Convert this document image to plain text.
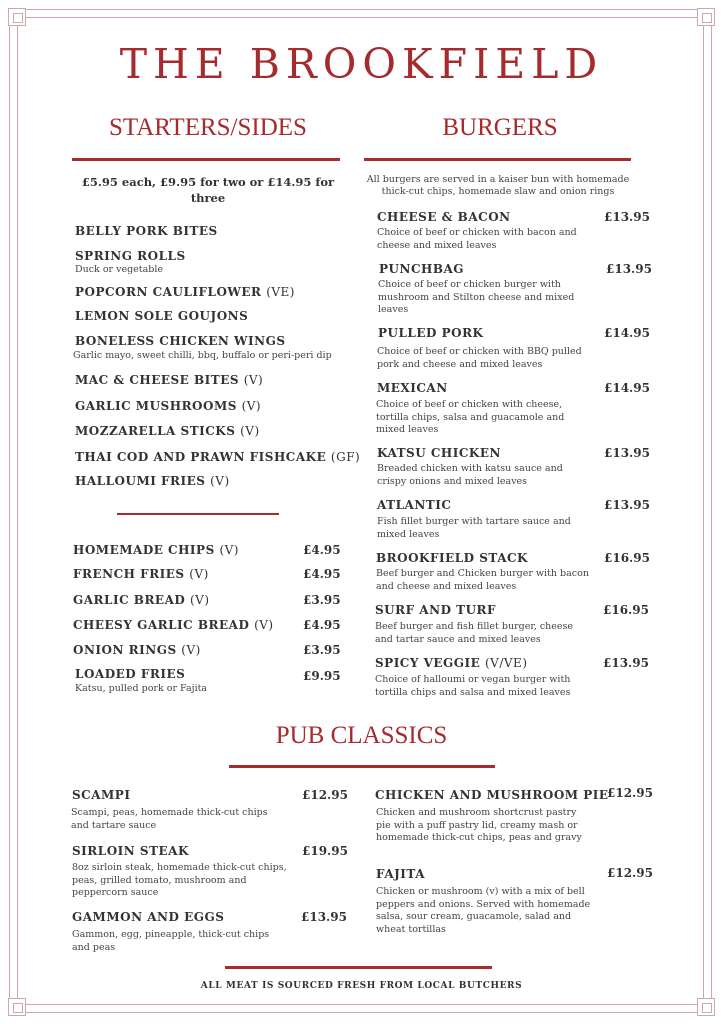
THE BROOKFIELD
STARTERS/SIDES
£5.95 each, £9.95 for two or £14.95 for three
BELLY PORK BITES
SPRING ROLLS
Duck or vegetable
POPCORN CAULIFLOWER (VE)
LEMON SOLE GOUJONS
BONELESS CHICKEN WINGS
Garlic mayo, sweet chilli, bbq, buffalo or peri-peri dip
MAC & CHEESE BITES (V)
GARLIC MUSHROOMS (V)
MOZZARELLA STICKS (V)
THAI COD AND PRAWN FISHCAKE (GF)
HALLOUMI FRIES (V)
HOMEMADE CHIPS (V)	£4.95
FRENCH FRIES (V)	£4.95
GARLIC BREAD (V)	£3.95
CHEESY GARLIC BREAD (V) £4.95
ONION RINGS (V)	£3.95
LOADED FRIES	£9.95
Katsu, pulled pork or Fajita
BURGERS
All burgers are served in a kaiser bun with homemade thick-cut chips, homemade slaw and onion rings
CHEESE & BACON	£13.95
Choice of beef or chicken with bacon and cheese and mixed leaves
PUNCHBAG	£13.95
Choice of beef or chicken burger with mushroom and Stilton cheese and mixed leaves
PULLED PORK	£14.95
Choice of beef or chicken with BBQ pulled pork and cheese and mixed leaves
MEXICAN	£14.95
Choice of beef or chicken with cheese, tortilla chips, salsa and guacamole and mixed leaves
KATSU CHICKEN	£13.95
Breaded chicken with katsu sauce and crispy onions and mixed leaves
ATLANTIC	£13.95
Fish fillet burger with tartare sauce and mixed leaves
BROOKFIELD STACK	£16.95
Beef burger and Chicken burger with bacon and cheese and mixed leaves
SURF AND TURF	£16.95
Beef burger and fish fillet burger, cheese and tartar sauce and mixed leaves
SPICY VEGGIE (V/VE)	£13.95
Choice of halloumi or vegan burger with tortilla chips and salsa and mixed leaves
PUB CLASSICS
SCAMPI	£12.95
Scampi, peas, homemade thick-cut chips and tartare sauce
SIRLOIN STEAK	£19.95
8oz sirloin steak, homemade thick-cut chips, peas, grilled tomato, mushroom and peppercorn sauce
GAMMON AND EGGS	£13.95
Gammon, egg, pineapple, thick-cut chips and peas
CHICKEN AND MUSHROOM PIE
£12.95
Chicken and mushroom shortcrust pastry pie with a puff pastry lid, creamy mash or homemade thick-cut chips, peas and gravy
FAJITA	£12.95
Chicken or mushroom (v) with a mix of bell peppers and onions. Served with homemade salsa, sour cream, guacamole, salad and wheat tortillas
ALL MEAT IS SOURCED FRESH FROM LOCAL BUTCHERS
